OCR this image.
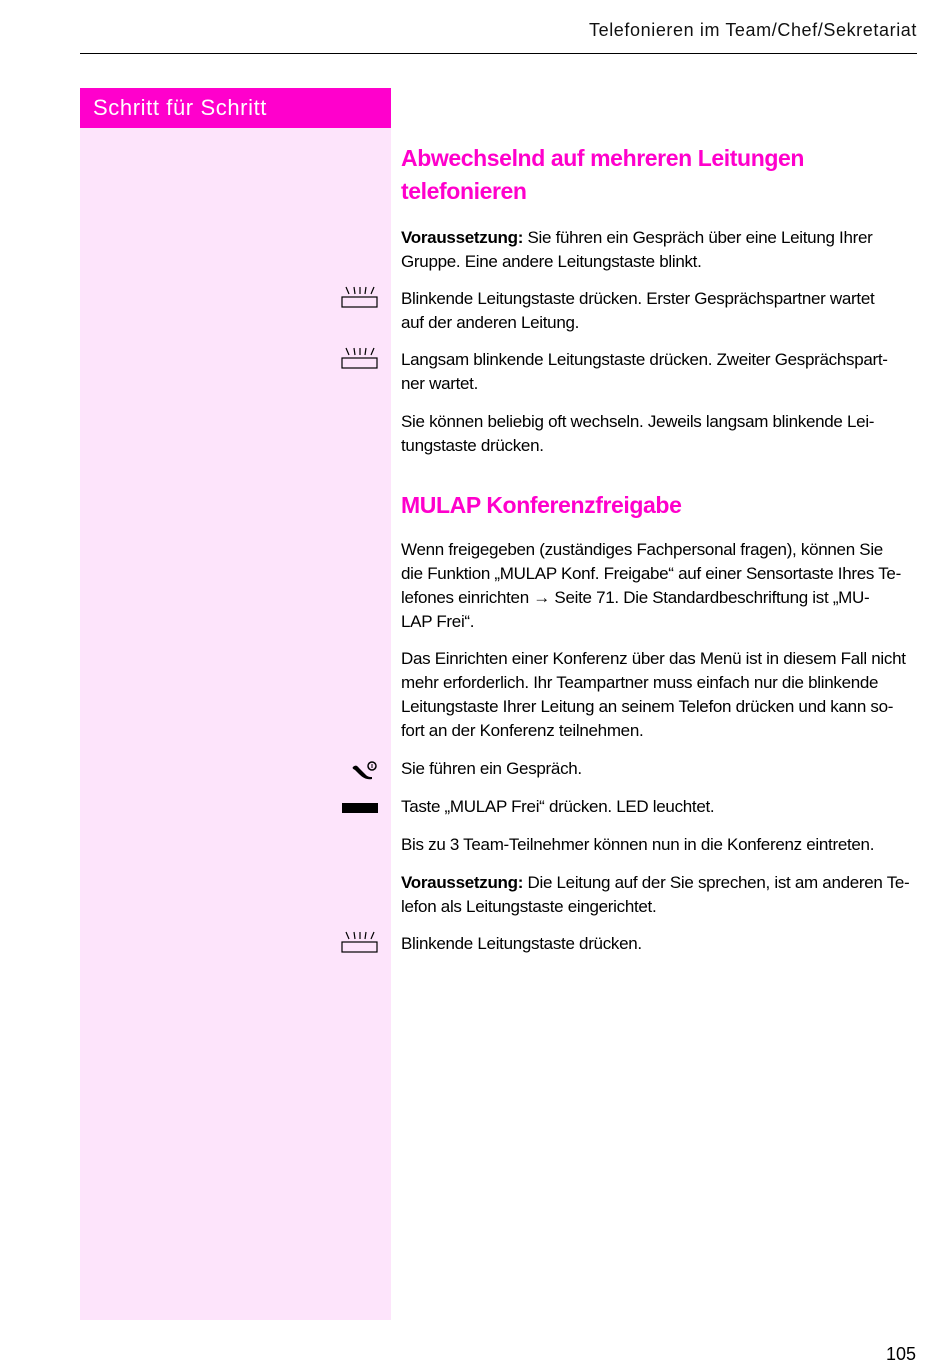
Telefonieren im Team/Chef/Sekretariat
Schritt für Schritt
Abwechselnd auf mehreren Leitungen
telefonieren
Voraussetzung: Sie führen ein Gespräch über eine Leitung Ihrer
Gruppe. Eine andere Leitungstaste blinkt.
Blinkende Leitungstaste drücken. Erster Gesprächspartner wartet
auf der anderen Leitung.
Langsam blinkende Leitungstaste drücken. Zweiter Gesprächspart-
ner wartet.
Sie können beliebig oft wechseln. Jeweils langsam blinkende Lei-
tungstaste drücken.
MULAP Konferenzfreigabe
Wenn freigegeben (zuständiges Fachpersonal fragen), können Sie
die Funktion „MULAP Konf. Freigabe“ auf einer Sensortaste Ihres Te-
lefones einrichten → Seite 71. Die Standardbeschriftung ist „MU-
LAP Frei“.
Das Einrichten einer Konferenz über das Menü ist in diesem Fall nicht
mehr erforderlich. Ihr Teampartner muss einfach nur die blinkende
Leitungstaste Ihrer Leitung an seinem Telefon drücken und kann so-
fort an der Konferenz teilnehmen.
Sie führen ein Gespräch.
Taste „MULAP Frei“ drücken. LED leuchtet.
Bis zu 3 Team-Teilnehmer können nun in die Konferenz eintreten.
Voraussetzung: Die Leitung auf der Sie sprechen, ist am anderen Te-
lefon als Leitungstaste eingerichtet.
Blinkende Leitungstaste drücken.
105
